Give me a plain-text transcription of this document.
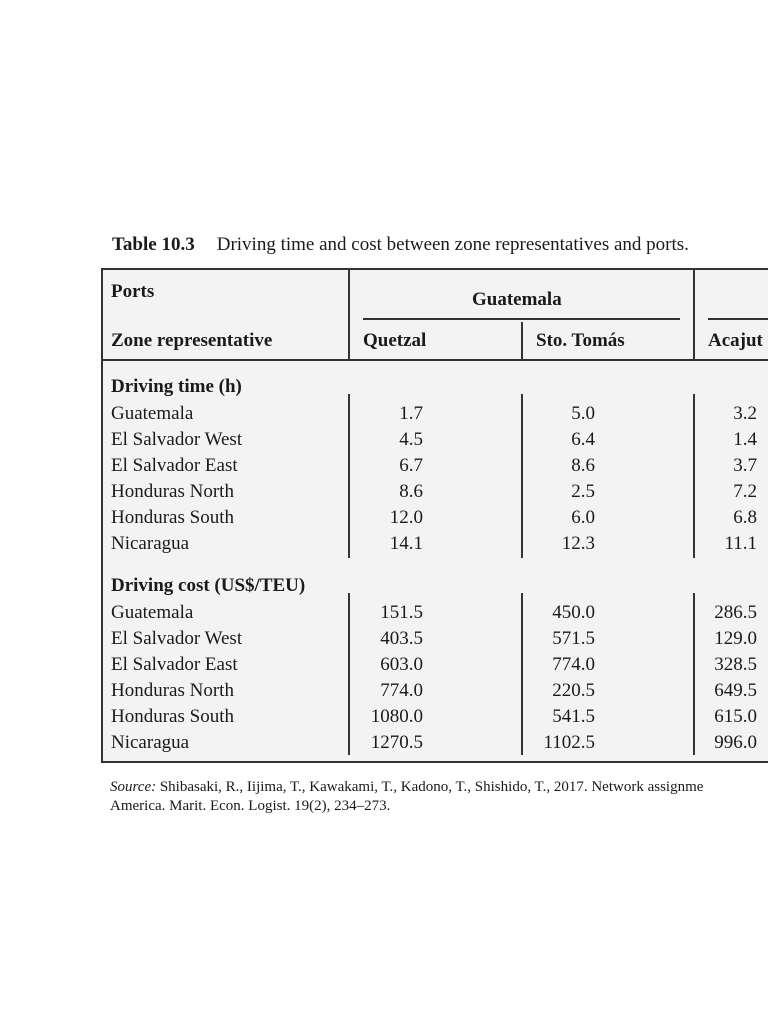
Table 10.3 Driving time and cost between zone representatives and ports.
Ports	Guatemala
Zone representative	Quetzal	Sto. Tomás	Acajut
Driving time (h)
Guatemala	1.7	5.0	3.2
El Salvador West	4.5	6.4	1.4
El Salvador East	6.7	8.6	3.7
Honduras North	8.6	2.5	7.2
Honduras South	12.0	6.0	6.8
Nicaragua	14.1	12.3	11.1
Driving cost (US$/TEU)
Guatemala	151.5	450.0	286.5
El Salvador West	403.5	571.5	129.0
El Salvador East	603.0	774.0	328.5
Honduras North	774.0	220.5	649.5
Honduras South	1080.0	541.5	615.0
Nicaragua	1270.5	1102.5	996.0
Source: Shibasaki, R., Iijima, T., Kawakami, T., Kadono, T., Shishido, T., 2017. Network assignme
America. Marit. Econ. Logist. 19(2), 234–273.
